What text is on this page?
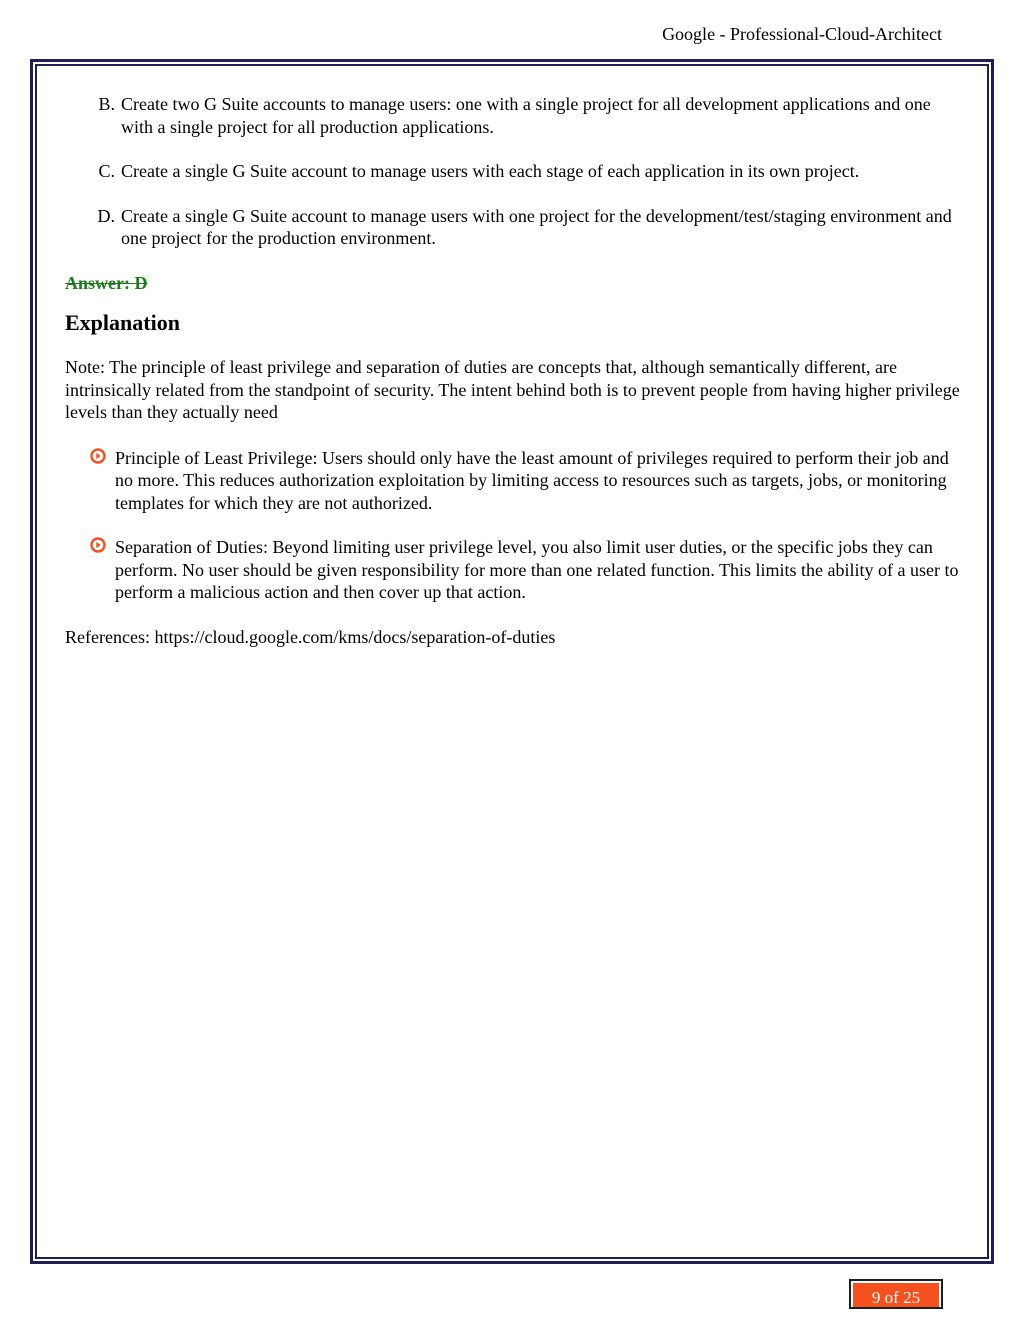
Google - Professional-Cloud-Architect
B. Create two G Suite accounts to manage users: one with a single project for all development applications and one with a single project for all production applications.
C. Create a single G Suite account to manage users with each stage of each application in its own project.
D. Create a single G Suite account to manage users with one project for the development/test/staging environment and one project for the production environment.
Answer: D
Explanation
Note: The principle of least privilege and separation of duties are concepts that, although semantically different, are intrinsically related from the standpoint of security. The intent behind both is to prevent people from having higher privilege levels than they actually need
Principle of Least Privilege: Users should only have the least amount of privileges required to perform their job and no more. This reduces authorization exploitation by limiting access to resources such as targets, jobs, or monitoring templates for which they are not authorized.
Separation of Duties: Beyond limiting user privilege level, you also limit user duties, or the specific jobs they can perform. No user should be given responsibility for more than one related function. This limits the ability of a user to perform a malicious action and then cover up that action.
References: https://cloud.google.com/kms/docs/separation-of-duties
9 of 25
